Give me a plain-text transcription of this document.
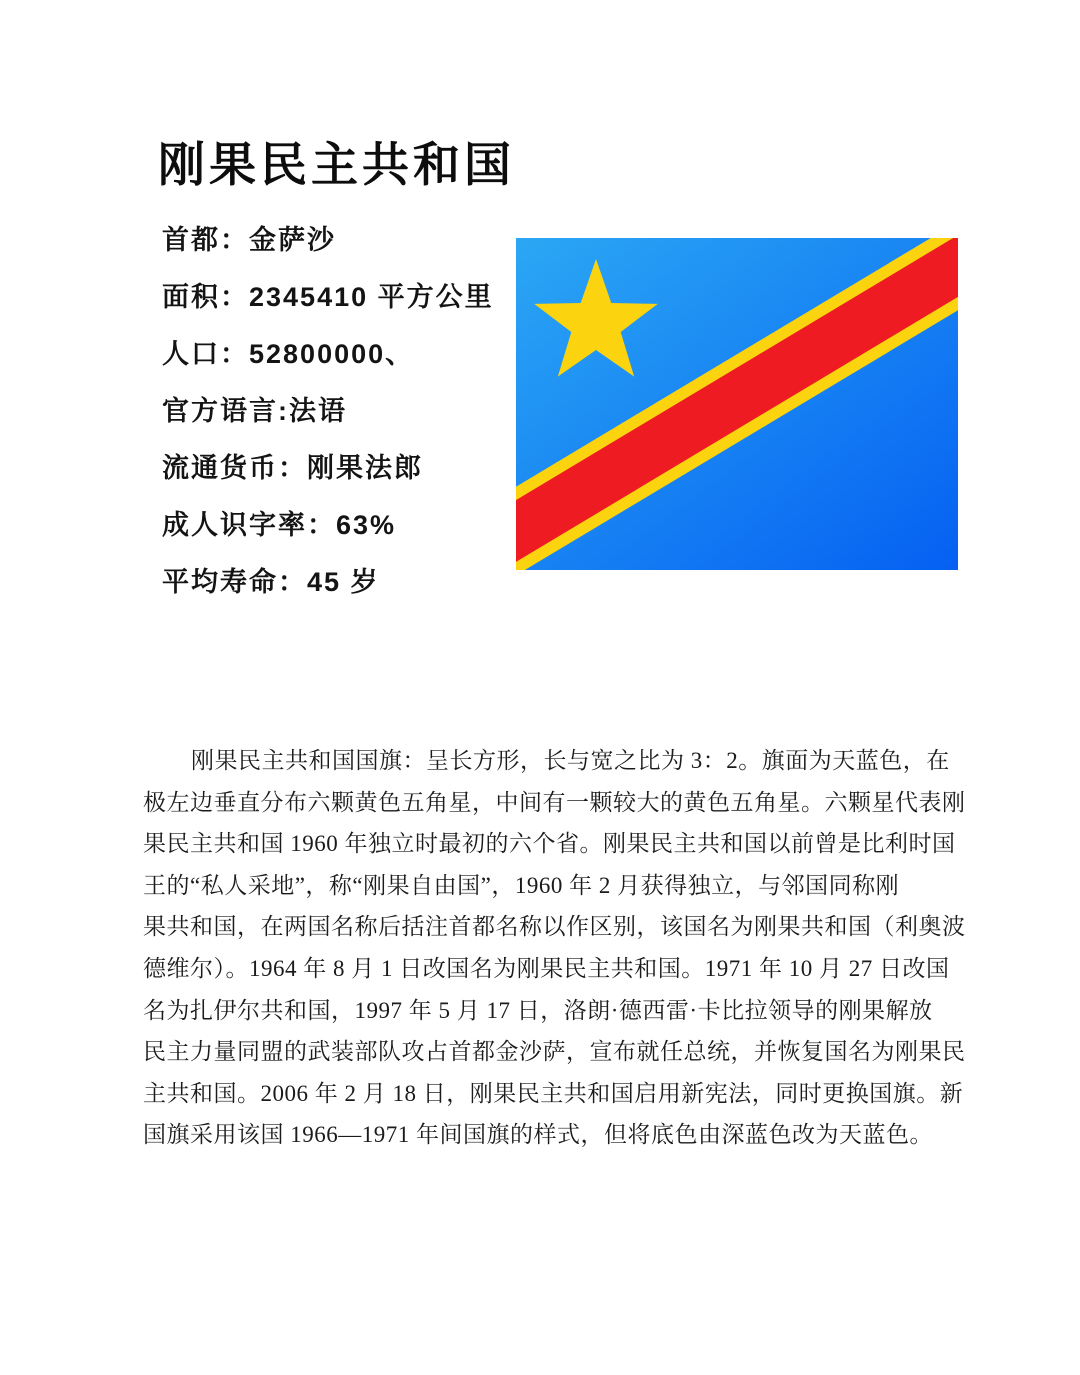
刚果民主共和国
首都：金萨沙
面积：2345410 平方公里
人口：52800000、
官方语言:法语
流通货币：刚果法郎
成人识字率：63%
平均寿命：45 岁

刚果民主共和国国旗：呈长方形，长与宽之比为 3：2。旗面为天蓝色，在

极左边垂直分布六颗黄色五角星，中间有一颗较大的黄色五角星。六颗星代表刚

果民主共和国 1960 年独立时最初的六个省。刚果民主共和国以前曾是比利时国

王的“私人采地”，称“刚果自由国”，1960 年 2 月获得独立，与邻国同称刚

果共和国，在两国名称后括注首都名称以作区别，该国名为刚果共和国（利奥波

德维尔）。1964 年 8 月 1 日改国名为刚果民主共和国。1971 年 10 月 27 日改国

名为扎伊尔共和国，1997 年 5 月 17 日，洛朗·德西雷·卡比拉领导的刚果解放

民主力量同盟的武装部队攻占首都金沙萨，宣布就任总统，并恢复国名为刚果民

主共和国。2006 年 2 月 18 日，刚果民主共和国启用新宪法，同时更换国旗。新

国旗采用该国 1966—1971 年间国旗的样式，但将底色由深蓝色改为天蓝色。
